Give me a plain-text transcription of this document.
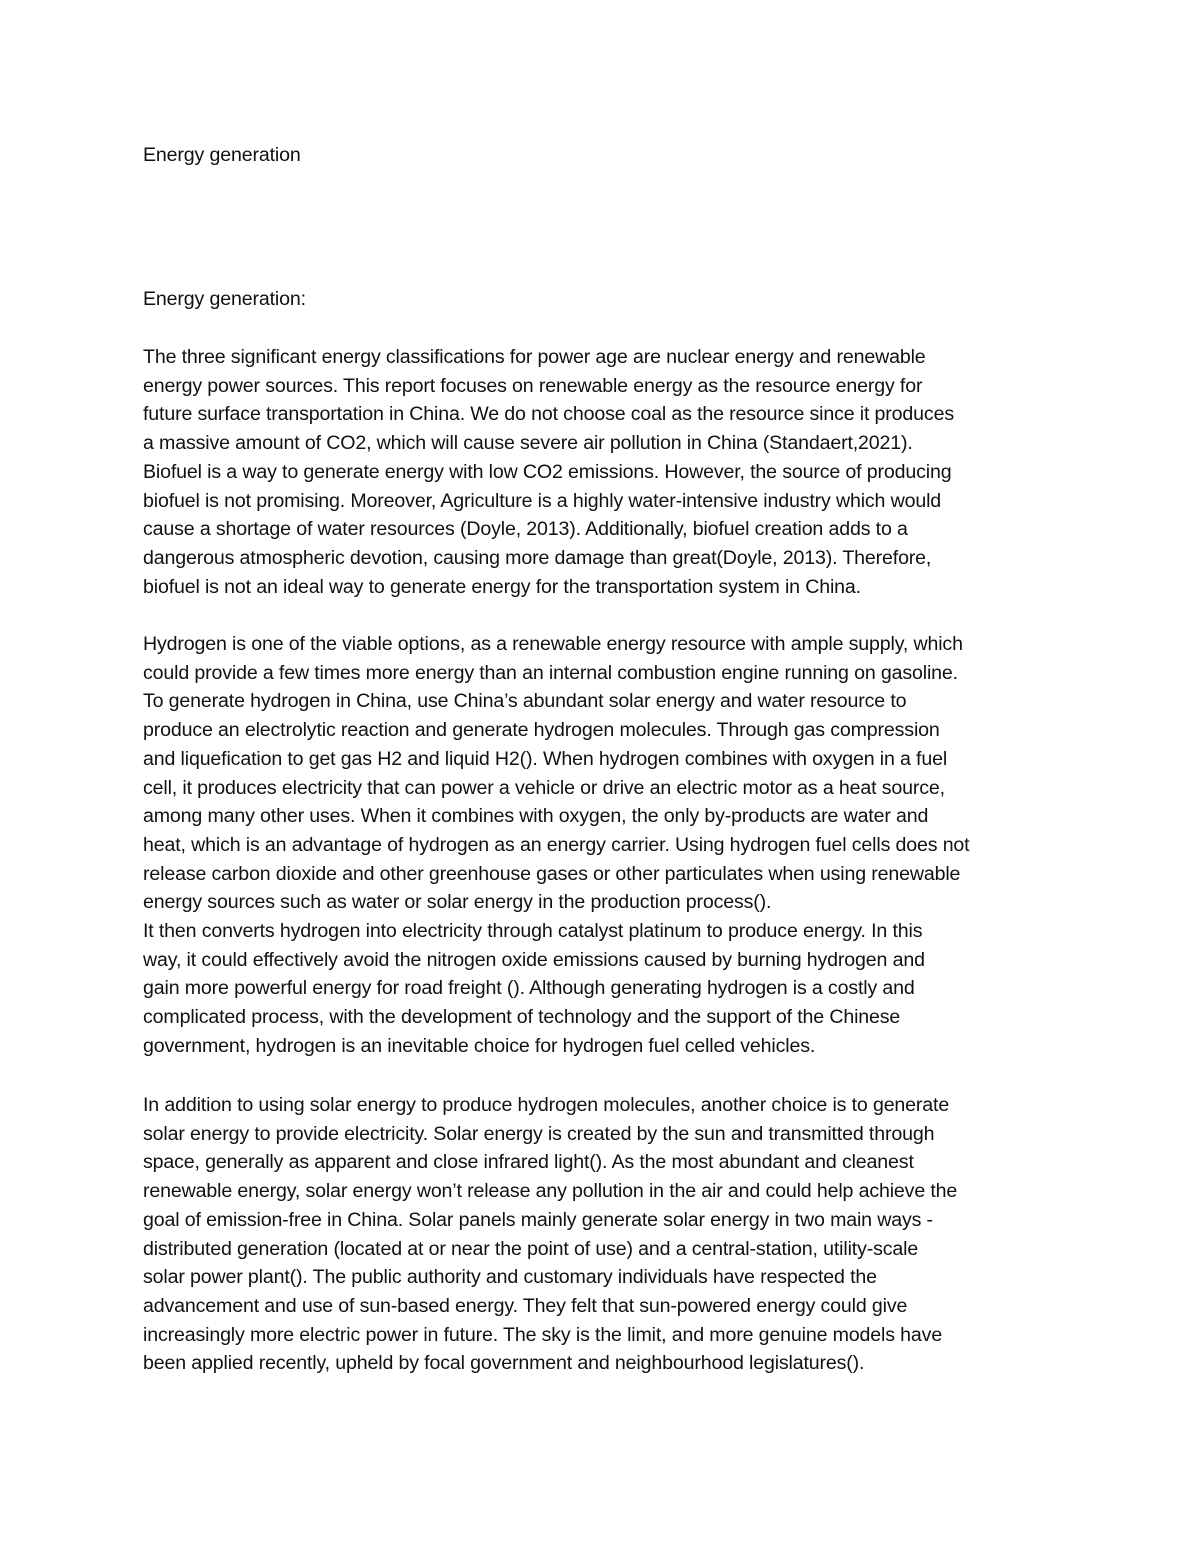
Energy generation

Energy generation:

The three significant energy classifications for power age are nuclear energy and renewable
energy power sources. This report focuses on renewable energy as the resource energy for
future surface transportation in China. We do not choose coal as the resource since it produces
a massive amount of CO2, which will cause severe air pollution in China (Standaert,2021).
Biofuel is a way to generate energy with low CO2 emissions. However, the source of producing
biofuel is not promising. Moreover, Agriculture is a highly water-intensive industry which would
cause a shortage of water resources (Doyle, 2013). Additionally, biofuel creation adds to a
dangerous atmospheric devotion, causing more damage than great(Doyle, 2013). Therefore,
biofuel is not an ideal way to generate energy for the transportation system in China.

Hydrogen is one of the viable options, as a renewable energy resource with ample supply, which
could provide a few times more energy than an internal combustion engine running on gasoline.
To generate hydrogen in China, use China’s abundant solar energy and water resource to
produce an electrolytic reaction and generate hydrogen molecules. Through gas compression
and liquefication to get gas H2 and liquid H2(). When hydrogen combines with oxygen in a fuel
cell, it produces electricity that can power a vehicle or drive an electric motor as a heat source,
among many other uses. When it combines with oxygen, the only by-products are water and
heat, which is an advantage of hydrogen as an energy carrier. Using hydrogen fuel cells does not
release carbon dioxide and other greenhouse gases or other particulates when using renewable
energy sources such as water or solar energy in the production process().
It then converts hydrogen into electricity through catalyst platinum to produce energy. In this
way, it could effectively avoid the nitrogen oxide emissions caused by burning hydrogen and
gain more powerful energy for road freight (). Although generating hydrogen is a costly and
complicated process, with the development of technology and the support of the Chinese
government, hydrogen is an inevitable choice for hydrogen fuel celled vehicles.

In addition to using solar energy to produce hydrogen molecules, another choice is to generate
solar energy to provide electricity. Solar energy is created by the sun and transmitted through
space, generally as apparent and close infrared light(). As the most abundant and cleanest
renewable energy, solar energy won’t release any pollution in the air and could help achieve the
goal of emission-free in China. Solar panels mainly generate solar energy in two main ways -
distributed generation (located at or near the point of use) and a central-station, utility-scale
solar power plant(). The public authority and customary individuals have respected the
advancement and use of sun-based energy. They felt that sun-powered energy could give
increasingly more electric power in future. The sky is the limit, and more genuine models have
been applied recently, upheld by focal government and neighbourhood legislatures().
